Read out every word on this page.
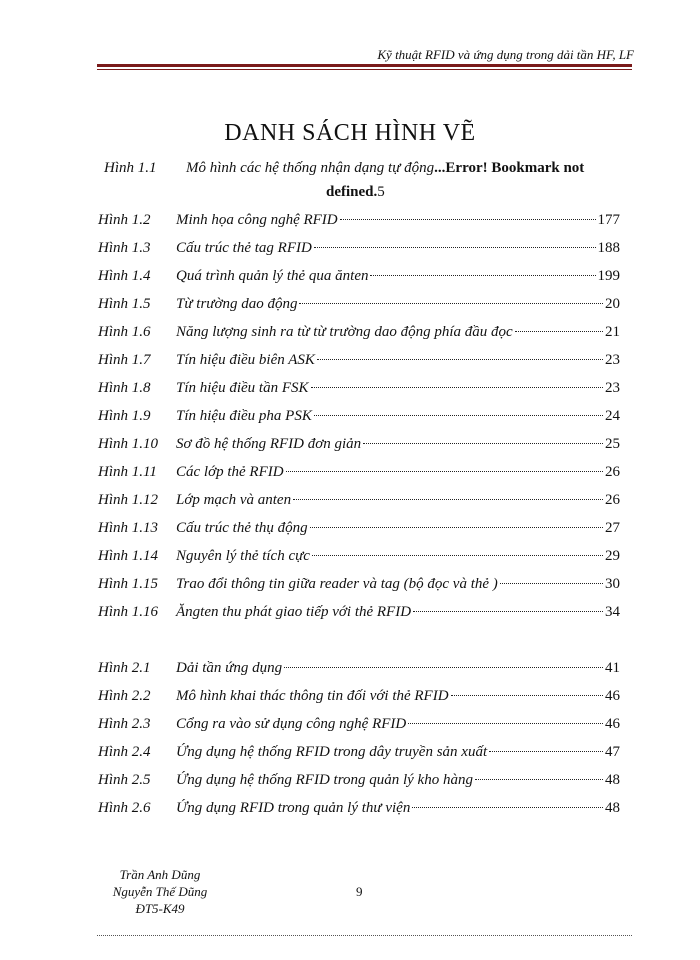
Kỹ thuật RFID và ứng dụng trong dải tần HF, LF
DANH SÁCH HÌNH VẼ
Hình 1.1	Mô hình các hệ thống nhận dạng tự động ...Error! Bookmark not
defined. 5
Hình 1.2	Minh họa công nghệ RFID	177
Hình 1.3	Cấu trúc thẻ tag RFID	188
Hình 1.4	Quá trình quản lý thẻ qua ănten	199
Hình 1.5	Từ trường dao động	20
Hình 1.6	Năng lượng sinh ra từ từ trường dao động phía đầu đọc	21
Hình 1.7	Tín hiệu điều biên ASK	23
Hình 1.8	Tín hiệu điều tần FSK	23
Hình 1.9	Tín hiệu điều pha PSK	24
Hình 1.10	Sơ đồ hệ thống RFID đơn giản	25
Hình 1.11	Các lớp thẻ RFID	26
Hình 1.12	Lớp mạch và anten	26
Hình 1.13	Cấu trúc thẻ thụ động	27
Hình 1.14	Nguyên lý thẻ tích cực	29
Hình 1.15	Trao đổi thông tin giữa reader và tag (bộ đọc và thẻ )	30
Hình 1.16	Ăngten thu phát giao tiếp với thẻ RFID	34
Hình 2.1	Dải tần ứng dụng	41
Hình 2.2	Mô hình khai thác thông tin đối với thẻ RFID	46
Hình 2.3	Cổng ra vào sử dụng công nghệ RFID	46
Hình 2.4	Ứng dụng hệ thống RFID trong dây truyền sản xuất	47
Hình 2.5	Ứng dụng hệ thống RFID trong quản lý kho hàng	48
Hình 2.6	Ứng dụng RFID trong quản lý thư viện	48
Trần Anh Dũng
Nguyễn Thế Dũng
ĐT5-K49
9
